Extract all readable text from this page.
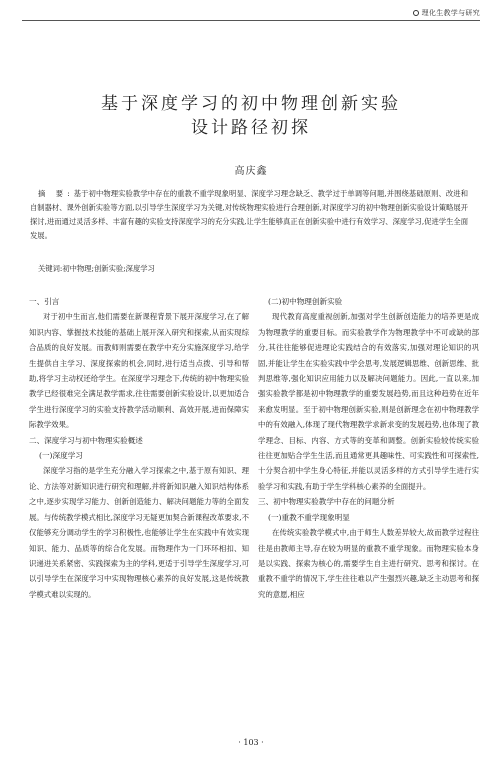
理化生教学与研究
基于深度学习的初中物理创新实验
设计路径初探
高庆鑫
摘 要:基于初中物理实验教学中存在的重教不重学现象明显、深度学习理念缺乏、教学过于单调等问题,并围绕基础原则、改进和自制器材、课外创新实验等方面,以引导学生深度学习为关键,对传统物理实验进行合理创新,对深度学习的初中物理创新实验设计策略展开探讨,进而通过灵活多样、丰富有趣的实验支持深度学习的充分实践,让学生能够真正在创新实验中进行有效学习、深度学习,促进学生全面发展。
关键词:初中物理;创新实验;深度学习
一、引言

对于初中生而言,他们需要在新课程背景下展开深度学习,在了解知识内容、掌握技术技能的基础上展开深入研究和探索,从而实现综合品质的良好发展。而教师则需要在教学中充分实施深度学习,给学生提供自主学习、深度探索的机会,同时,进行适当点拨、引导和帮助,将学习主动权还给学生。在深度学习理念下,传统的初中物理实验教学已经很难完全满足教学需求,往往需要创新实验设计,以更加适合学生进行深度学习的实验支持教学活动顺利、高效开展,进而保障实际教学效果。

二、深度学习与初中物理实验概述
(一)深度学习

深度学习指的是学生充分融入学习探索之中,基于原有知识、理论、方法等对新知识进行研究和理解,并将新知识融入知识结构体系之中,逐步实现学习能力、创新创造能力、解决问题能力等的全面发展。与传统教学模式相比,深度学习无疑更加契合新课程改革要求,不仅能够充分调动学生的学习积极性,也能够让学生在实践中有效实现知识、能力、品质等的综合化发展。而物理作为一门环环相扣、知识递进关系紧密、实践探索为主的学科,更适于引导学生深度学习,可以引导学生在深度学习中实现物理核心素养的良好发展,这是传统教学模式难以实现的。

(二)初中物理创新实验

现代教育高度重视创新,加强对学生创新创造能力的培养更是成为物理教学的重要目标。而实验教学作为物理教学中不可或缺的部分,其往往能够促进理论实践结合的有效落实,加强对理论知识的巩固,并能让学生在实验实践中学会思考,发展逻辑思维、创新思维、批判思维等,强化知识应用能力以及解决问题能力。因此,一直以来,加强实验教学都是初中物理教学的重要发展趋势,而且这种趋势在近年来愈发明显。至于初中物理创新实验,则是创新理念在初中物理教学中的有效融入,体现了现代物理教学求新求变的发展趋势,也体现了教学理念、目标、内容、方式等的变革和调整。创新实验较传统实验往往更加贴合学生生活,而且通常更具趣味性、可实践性和可探索性,十分契合初中学生身心特征,并能以灵活多样的方式引导学生进行实验学习和实践,有助于学生学科核心素养的全面提升。

三、初中物理实验教学中存在的问题分析
(一)重教不重学现象明显

在传统实验教学模式中,由于师生人数差异较大,故而教学过程往往是由教师主导,存在较为明显的重教不重学现象。而物理实验本身是以实践、探索为核心的,需要学生自主进行研究、思考和探讨。在重教不重学的情况下,学生往往难以产生强烈兴趣,缺乏主动思考和探究的意愿,相应

· 103 ·
